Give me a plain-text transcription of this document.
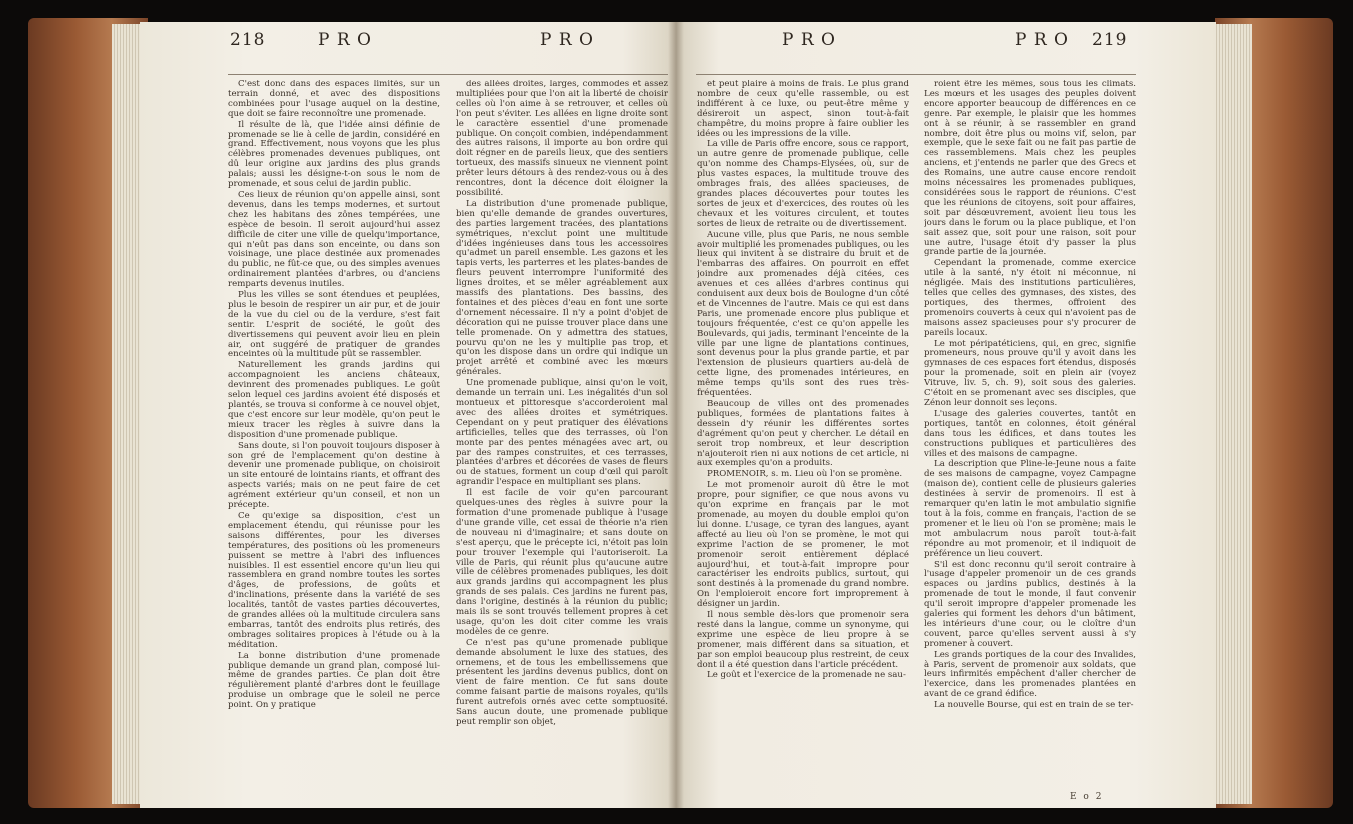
218	P R O	P R O	P R O	P R O 219

C'est donc dans des espaces limités, sur un terrain donné, et avec des dispositions combinées pour l'usage auquel on la destine, que doit se faire reconnoître une promenade.

Il résulte de là, que l'idée ainsi définie de promenade se lie à celle de jardin, considéré en grand. Effectivement, nous voyons que les plus célèbres promenades devenues publiques, ont dû leur origine aux jardins des plus grands palais; aussi les désigne-t-on sous le nom de promenade, et sous celui de jardin public.

Ces lieux de réunion qu'on appelle ainsi, sont devenus, dans les temps modernes, et surtout chez les habitans des zônes tempérées, une espèce de besoin. Il seroit aujourd'hui assez difficile de citer une ville de quelqu'importance, qui n'eût pas dans son enceinte, ou dans son voisinage, une place destinée aux promenades du public, ne fût-ce que, ou des simples avenues ordinairement plantées d'arbres, ou d'anciens remparts devenus inutiles.

Plus les villes se sont étendues et peuplées, plus le besoin de respirer un air pur, et de jouir de la vue du ciel ou de la verdure, s'est fait sentir. L'esprit de société, le goût des divertissemens qui peuvent avoir lieu en plein air, ont suggéré de pratiquer de grandes enceintes où la multitude pût se rassembler.

Naturellement les grands jardins qui accompagnoient les anciens châteaux, devinrent des promenades publiques. Le goût selon lequel ces jardins avoient été disposés et plantés, se trouva si conforme à ce nouvel objet, que c'est encore sur leur modèle, qu'on peut le mieux tracer les règles à suivre dans la disposition d'une promenade publique.

Sans doute, si l'on pouvoit toujours disposer à son gré de l'emplacement qu'on destine à devenir une promenade publique, on choisiroit un site entouré de lointains riants, et offrant des aspects variés; mais on ne peut faire de cet agrément extérieur qu'un conseil, et non un précepte.

Ce qu'exige sa disposition, c'est un emplacement étendu, qui réunisse pour les saisons différentes, pour les diverses températures, des positions où les promeneurs puissent se mettre à l'abri des influences nuisibles. Il est essentiel encore qu'un lieu qui rassemblera en grand nombre toutes les sortes d'âges, de professions, de goûts et d'inclinations, présente dans la variété de ses localités, tantôt de vastes parties découvertes, de grandes allées où la multitude circulera sans embarras, tantôt des endroits plus retirés, des ombrages solitaires propices à l'étude ou à la méditation.

La bonne distribution d'une promenade publique demande un grand plan, composé lui-même de grandes parties. Ce plan doit être régulièrement planté d'arbres dont le feuillage produise un ombrage que le soleil ne perce point. On y pratique

des allées droites, larges, commodes et assez multipliées pour que l'on ait la liberté de choisir celles où l'on aime à se retrouver, et celles où l'on peut s'éviter. Les allées en ligne droite sont le caractère essentiel d'une promenade publique. On conçoit combien, indépendamment des autres raisons, il importe au bon ordre qui doit régner en de pareils lieux, que des sentiers tortueux, des massifs sinueux ne viennent point prêter leurs détours à des rendez-vous ou à des rencontres, dont la décence doit éloigner la possibilité.

La distribution d'une promenade publique, bien qu'elle demande de grandes ouvertures, des parties largement tracées, des plantations symétriques, n'exclut point une multitude d'idées ingénieuses dans tous les accessoires qu'admet un pareil ensemble. Les gazons et les tapis verts, les parterres et les plates-bandes de fleurs peuvent interrompre l'uniformité des lignes droites, et se mêler agréablement aux massifs des plantations. Des bassins, des fontaines et des pièces d'eau en font une sorte d'ornement nécessaire. Il n'y a point d'objet de décoration qui ne puisse trouver place dans une telle promenade. On y admettra des statues, pourvu qu'on ne les y multiplie pas trop, et qu'on les dispose dans un ordre qui indique un projet arrêté et combiné avec les mœurs générales.

Une promenade publique, ainsi qu'on le voit, demande un terrain uni. Les inégalités d'un sol montueux et pittoresque s'accorderoient mal avec des allées droites et symétriques. Cependant on y peut pratiquer des élévations artificielles, telles que des terrasses, où l'on monte par des pentes ménagées avec art, ou par des rampes construites, et ces terrasses, plantées d'arbres et décorées de vases de fleurs ou de statues, forment un coup d'œil qui paroît agrandir l'espace en multipliant ses plans.

Il est facile de voir qu'en parcourant quelques-unes des règles à suivre pour la formation d'une promenade publique à l'usage d'une grande ville, cet essai de théorie n'a rien de nouveau ni d'imaginaire; et sans doute on s'est aperçu, que le précepte ici, n'étoit pas loin pour trouver l'exemple qui l'autoriseroit. La ville de Paris, qui réunit plus qu'aucune autre ville de célèbres promenades publiques, les doit aux grands jardins qui accompagnent les plus grands de ses palais. Ces jardins ne furent pas, dans l'origine, destinés à la réunion du public; mais ils se sont trouvés tellement propres à cet usage, qu'on les doit citer comme les vrais modèles de ce genre.

Ce n'est pas qu'une promenade publique demande absolument le luxe des statues, des ornemens, et de tous les embellissemens que présentent les jardins devenus publics, dont on vient de faire mention. Ce fut sans doute comme faisant partie de maisons royales, qu'ils furent autrefois ornés avec cette somptuosité. Sans aucun doute, une promenade publique peut remplir son objet,

et peut plaire à moins de frais. Le plus grand nombre de ceux qu'elle rassemble, ou est indifférent à ce luxe, ou peut-être même y désireroit un aspect, sinon tout-à-fait champêtre, du moins propre à faire oublier les idées ou les impressions de la ville.

La ville de Paris offre encore, sous ce rapport, un autre genre de promenade publique, celle qu'on nomme des Champs-Elysées, où, sur de plus vastes espaces, la multitude trouve des ombrages frais, des allées spacieuses, de grandes places découvertes pour toutes les sortes de jeux et d'exercices, des routes où les chevaux et les voitures circulent, et toutes sortes de lieux de retraite ou de divertissement.

Aucune ville, plus que Paris, ne nous semble avoir multiplié les promenades publiques, ou les lieux qui invitent à se distraire du bruit et de l'embarras des affaires. On pourroit en effet joindre aux promenades déjà citées, ces avenues et ces allées d'arbres continus qui conduisent aux deux bois de Boulogne d'un côté et de Vincennes de l'autre. Mais ce qui est dans Paris, une promenade encore plus publique et toujours fréquentée, c'est ce qu'on appelle les Boulevards, qui jadis, terminant l'enceinte de la ville par une ligne de plantations continues, sont devenus pour la plus grande partie, et par l'extension de plusieurs quartiers au-delà de cette ligne, des promenades intérieures, en même temps qu'ils sont des rues très-fréquentées.

Beaucoup de villes ont des promenades publiques, formées de plantations faites à dessein d'y réunir les différentes sortes d'agrément qu'on peut y chercher. Le détail en seroit trop nombreux, et leur description n'ajouteroit rien ni aux notions de cet article, ni aux exemples qu'on a produits.

PROMENOIR, s. m. Lieu où l'on se promène.

Le mot promenoir auroit dû être le mot propre, pour signifier, ce que nous avons vu qu'on exprime en français par le mot promenade, au moyen du double emploi qu'on lui donne. L'usage, ce tyran des langues, ayant affecté au lieu où l'on se promène, le mot qui exprime l'action de se promener, le mot promenoir seroit entièrement déplacé aujourd'hui, et tout-à-fait impropre pour caractériser les endroits publics, surtout, qui sont destinés à la promenade du grand nombre. On l'emploieroit encore fort improprement à désigner un jardin.

Il nous semble dès-lors que promenoir sera resté dans la langue, comme un synonyme, qui exprime une espèce de lieu propre à se promener, mais différent dans sa situation, et par son emploi beaucoup plus restreint, de ceux dont il a été question dans l'article précédent.

Le goût et l'exercice de la promenade ne sau-

roient être les mêmes, sous tous les climats. Les mœurs et les usages des peuples doivent encore apporter beaucoup de différences en ce genre. Par exemple, le plaisir que les hommes ont à se réunir, à se rassembler en grand nombre, doit être plus ou moins vif, selon, par exemple, que le sexe fait ou ne fait pas partie de ces rassemblemens. Mais chez les peuples anciens, et j'entends ne parler que des Grecs et des Romains, une autre cause encore rendoit moins nécessaires les promenades publiques, considérées sous le rapport de réunions. C'est que les réunions de citoyens, soit pour affaires, soit par désœuvrement, avoient lieu tous les jours dans le forum ou la place publique, et l'on sait assez que, soit pour une raison, soit pour une autre, l'usage étoit d'y passer la plus grande partie de la journée.

Cependant la promenade, comme exercice utile à la santé, n'y étoit ni méconnue, ni négligée. Mais des institutions particulières, telles que celles des gymnases, des xistes, des portiques, des thermes, offroient des promenoirs couverts à ceux qui n'avoient pas de maisons assez spacieuses pour s'y procurer de pareils locaux.

Le mot péripatéticiens, qui, en grec, signifie promeneurs, nous prouve qu'il y avoit dans les gymnases de ces espaces fort étendus, disposés pour la promenade, soit en plein air (voyez Vitruve, liv. 5, ch. 9), soit sous des galeries. C'étoit en se promenant avec ses disciples, que Zénon leur donnoit ses leçons.

L'usage des galeries couvertes, tantôt en portiques, tantôt en colonnes, étoit général dans tous les édifices, et dans toutes les constructions publiques et particulières des villes et des maisons de campagne.

La description que Pline-le-Jeune nous a faite de ses maisons de campagne, voyez Campagne (maison de), contient celle de plusieurs galeries destinées à servir de promenoirs. Il est à remarquer qu'en latin le mot ambulatio signifie tout à la fois, comme en français, l'action de se promener et le lieu où l'on se promène; mais le mot ambulacrum nous paroît tout-à-fait répondre au mot promenoir, et il indiquoit de préférence un lieu couvert.

S'il est donc reconnu qu'il seroit contraire à l'usage d'appeler promenoir un de ces grands espaces ou jardins publics, destinés à la promenade de tout le monde, il faut convenir qu'il seroit impropre d'appeler promenade les galeries qui forment les dehors d'un bâtiment, les intérieurs d'une cour, ou le cloître d'un couvent, parce qu'elles servent aussi à s'y promener à couvert.

Les grands portiques de la cour des Invalides, à Paris, servent de promenoir aux soldats, que leurs infirmités empêchent d'aller chercher de l'exercice, dans les promenades plantées en avant de ce grand édifice.

La nouvelle Bourse, qui est en train de se ter-

E o 2
